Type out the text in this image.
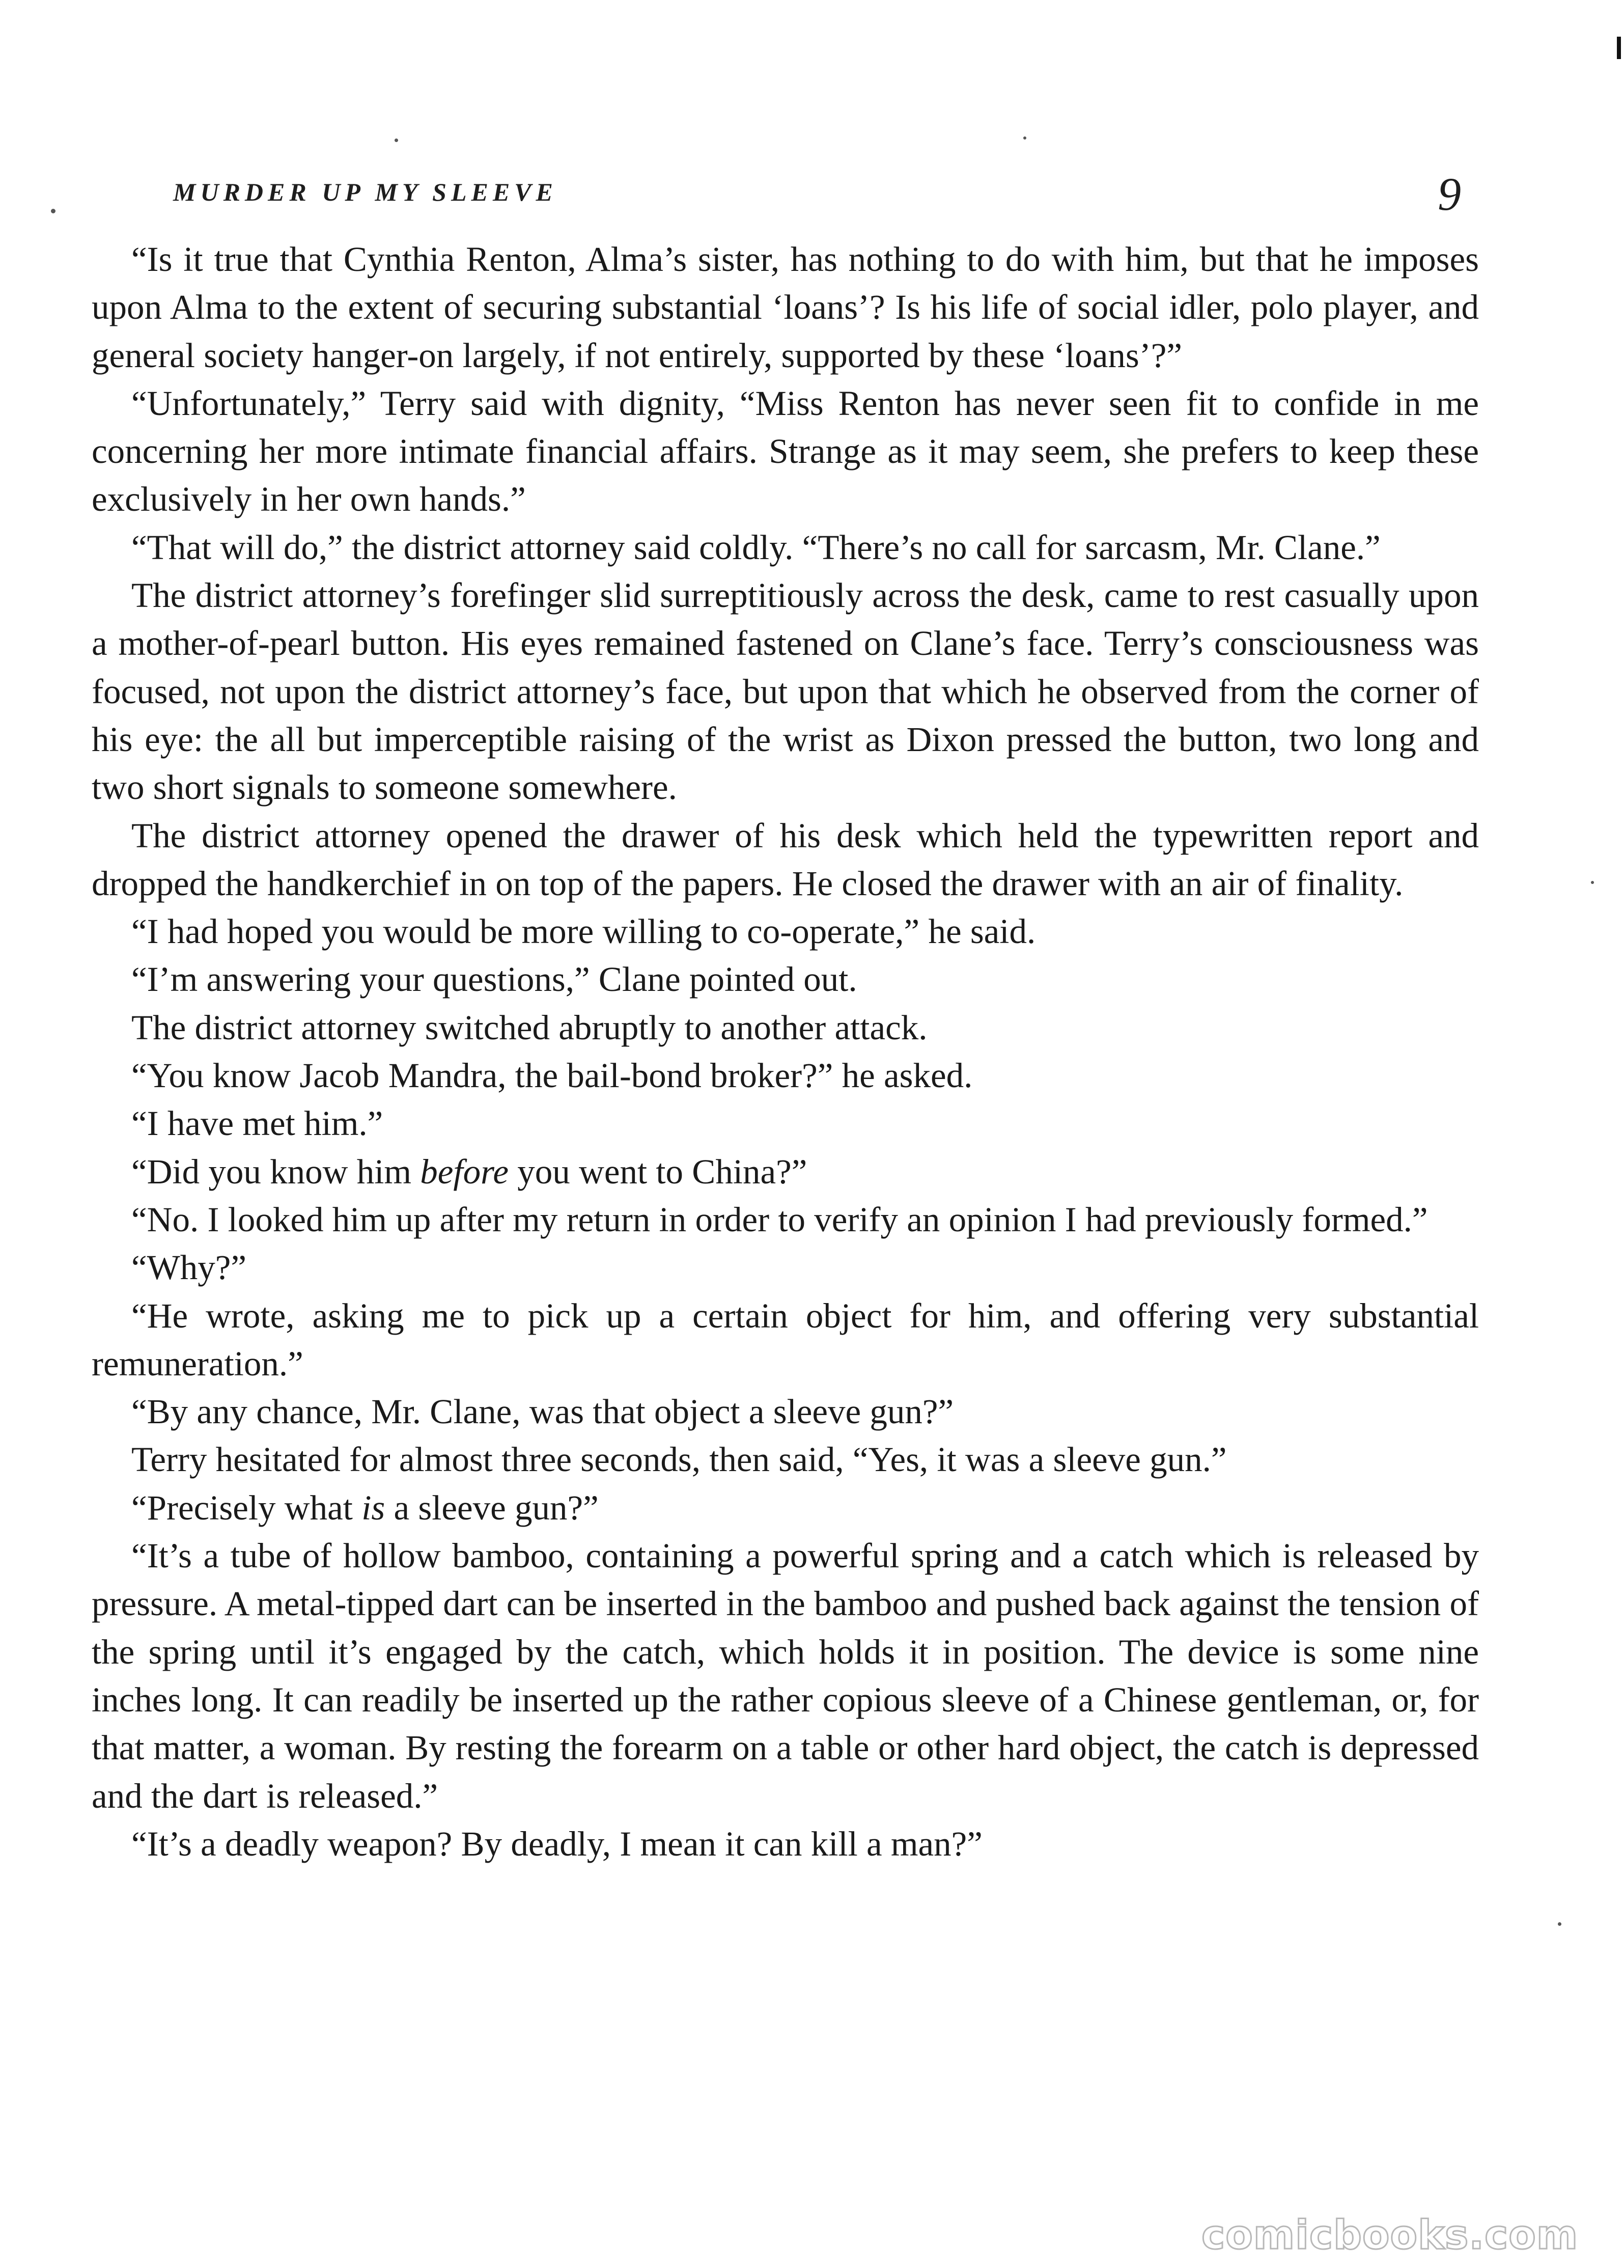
MURDER UP MY SLEEVE	9

“Is it true that Cynthia Renton, Alma’s sister, has nothing to do with him, but that he imposes upon Alma to the extent of securing substantial ‘loans’? Is his life of social idler, polo player, and general society hanger-on largely, if not entirely, supported by these ‘loans’?”

“Unfortunately,” Terry said with dignity, “Miss Renton has never seen fit to confide in me concerning her more intimate financial affairs. Strange as it may seem, she prefers to keep these exclusively in her own hands.”

“That will do,” the district attorney said coldly. “There’s no call for sarcasm, Mr. Clane.”

The district attorney’s forefinger slid surreptitiously across the desk, came to rest casually upon a mother-of-pearl button. His eyes remained fastened on Clane’s face. Terry’s consciousness was focused, not upon the district attorney’s face, but upon that which he observed from the corner of his eye: the all but imperceptible raising of the wrist as Dixon pressed the button, two long and two short signals to someone somewhere.

The district attorney opened the drawer of his desk which held the typewritten report and dropped the handkerchief in on top of the papers. He closed the drawer with an air of finality.

“I had hoped you would be more willing to co-operate,” he said.

“I’m answering your questions,” Clane pointed out.

The district attorney switched abruptly to another attack.

“You know Jacob Mandra, the bail-bond broker?” he asked.

“I have met him.”

“Did you know him before you went to China?”

“No. I looked him up after my return in order to verify an opinion I had previously formed.”

“Why?”

“He wrote, asking me to pick up a certain object for him, and offering very substantial remuneration.”

“By any chance, Mr. Clane, was that object a sleeve gun?”

Terry hesitated for almost three seconds, then said, “Yes, it was a sleeve gun.”

“Precisely what is a sleeve gun?”

“It’s a tube of hollow bamboo, containing a powerful spring and a catch which is released by pressure. A metal-tipped dart can be inserted in the bamboo and pushed back against the tension of the spring until it’s engaged by the catch, which holds it in position. The device is some nine inches long. It can readily be inserted up the rather copious sleeve of a Chinese gentleman, or, for that matter, a woman. By resting the forearm on a table or other hard object, the catch is depressed and the dart is released.”

“It’s a deadly weapon? By deadly, I mean it can kill a man?”

comicbooks.com
